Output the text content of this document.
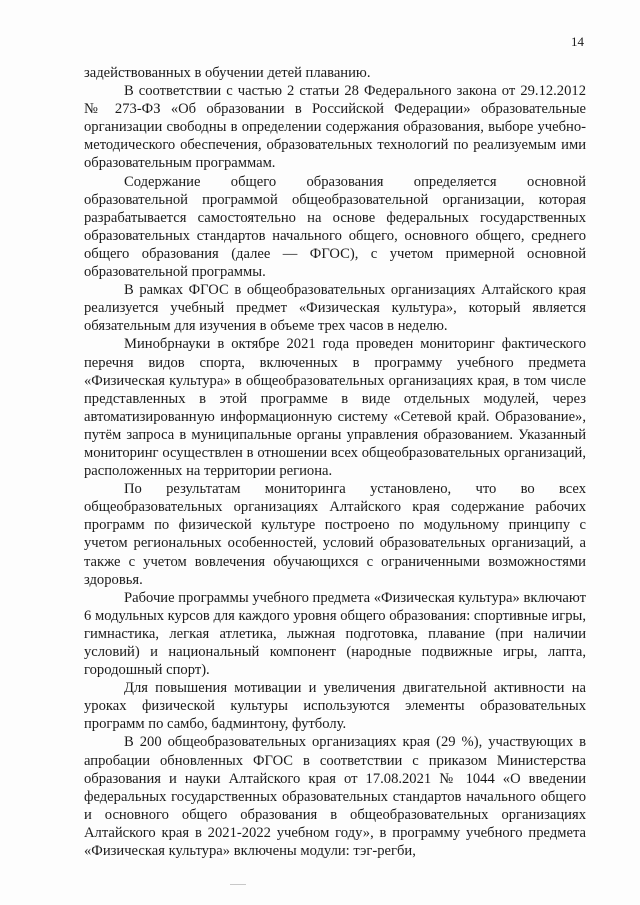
14

задействованных в обучении детей плаванию.

В соответствии с частью 2 статьи 28 Федерального закона от 29.12.2012 № 273-ФЗ «Об образовании в Российской Федерации» образовательные организации свободны в определении содержания образования, выборе учебно-методического обеспечения, образовательных технологий по реализуемым ими образовательным программам.

Содержание общего образования определяется основной образовательной программой общеобразовательной организации, которая разрабатывается самостоятельно на основе федеральных государственных образовательных стандартов начального общего, основного общего, среднего общего образования (далее — ФГОС), с учетом примерной основной образовательной программы.

В рамках ФГОС в общеобразовательных организациях Алтайского края реализуется учебный предмет «Физическая культура», который является обязательным для изучения в объеме трех часов в неделю.

Минобрнауки в октябре 2021 года проведен мониторинг фактического перечня видов спорта, включенных в программу учебного предмета «Физическая культура» в общеобразовательных организациях края, в том числе представленных в этой программе в виде отдельных модулей, через автоматизированную информационную систему «Сетевой край. Образование», путём запроса в муниципальные органы управления образованием. Указанный мониторинг осуществлен в отношении всех общеобразовательных организаций, расположенных на территории региона.

По результатам мониторинга установлено, что во всех общеобразовательных организациях Алтайского края содержание рабочих программ по физической культуре построено по модульному принципу с учетом региональных особенностей, условий образовательных организаций, а также с учетом вовлечения обучающихся с ограниченными возможностями здоровья.

Рабочие программы учебного предмета «Физическая культура» включают 6 модульных курсов для каждого уровня общего образования: спортивные игры, гимнастика, легкая атлетика, лыжная подготовка, плавание (при наличии условий) и национальный компонент (народные подвижные игры, лапта, городошный спорт).

Для повышения мотивации и увеличения двигательной активности на уроках физической культуры используются элементы образовательных программ по самбо, бадминтону, футболу.

В 200 общеобразовательных организациях края (29 %), участвующих в апробации обновленных ФГОС в соответствии с приказом Министерства образования и науки Алтайского края от 17.08.2021 № 1044 «О введении федеральных государственных образовательных стандартов начального общего и основного общего образования в общеобразовательных организациях Алтайского края в 2021-2022 учебном году», в программу учебного предмета «Физическая культура» включены модули: тэг-регби,
